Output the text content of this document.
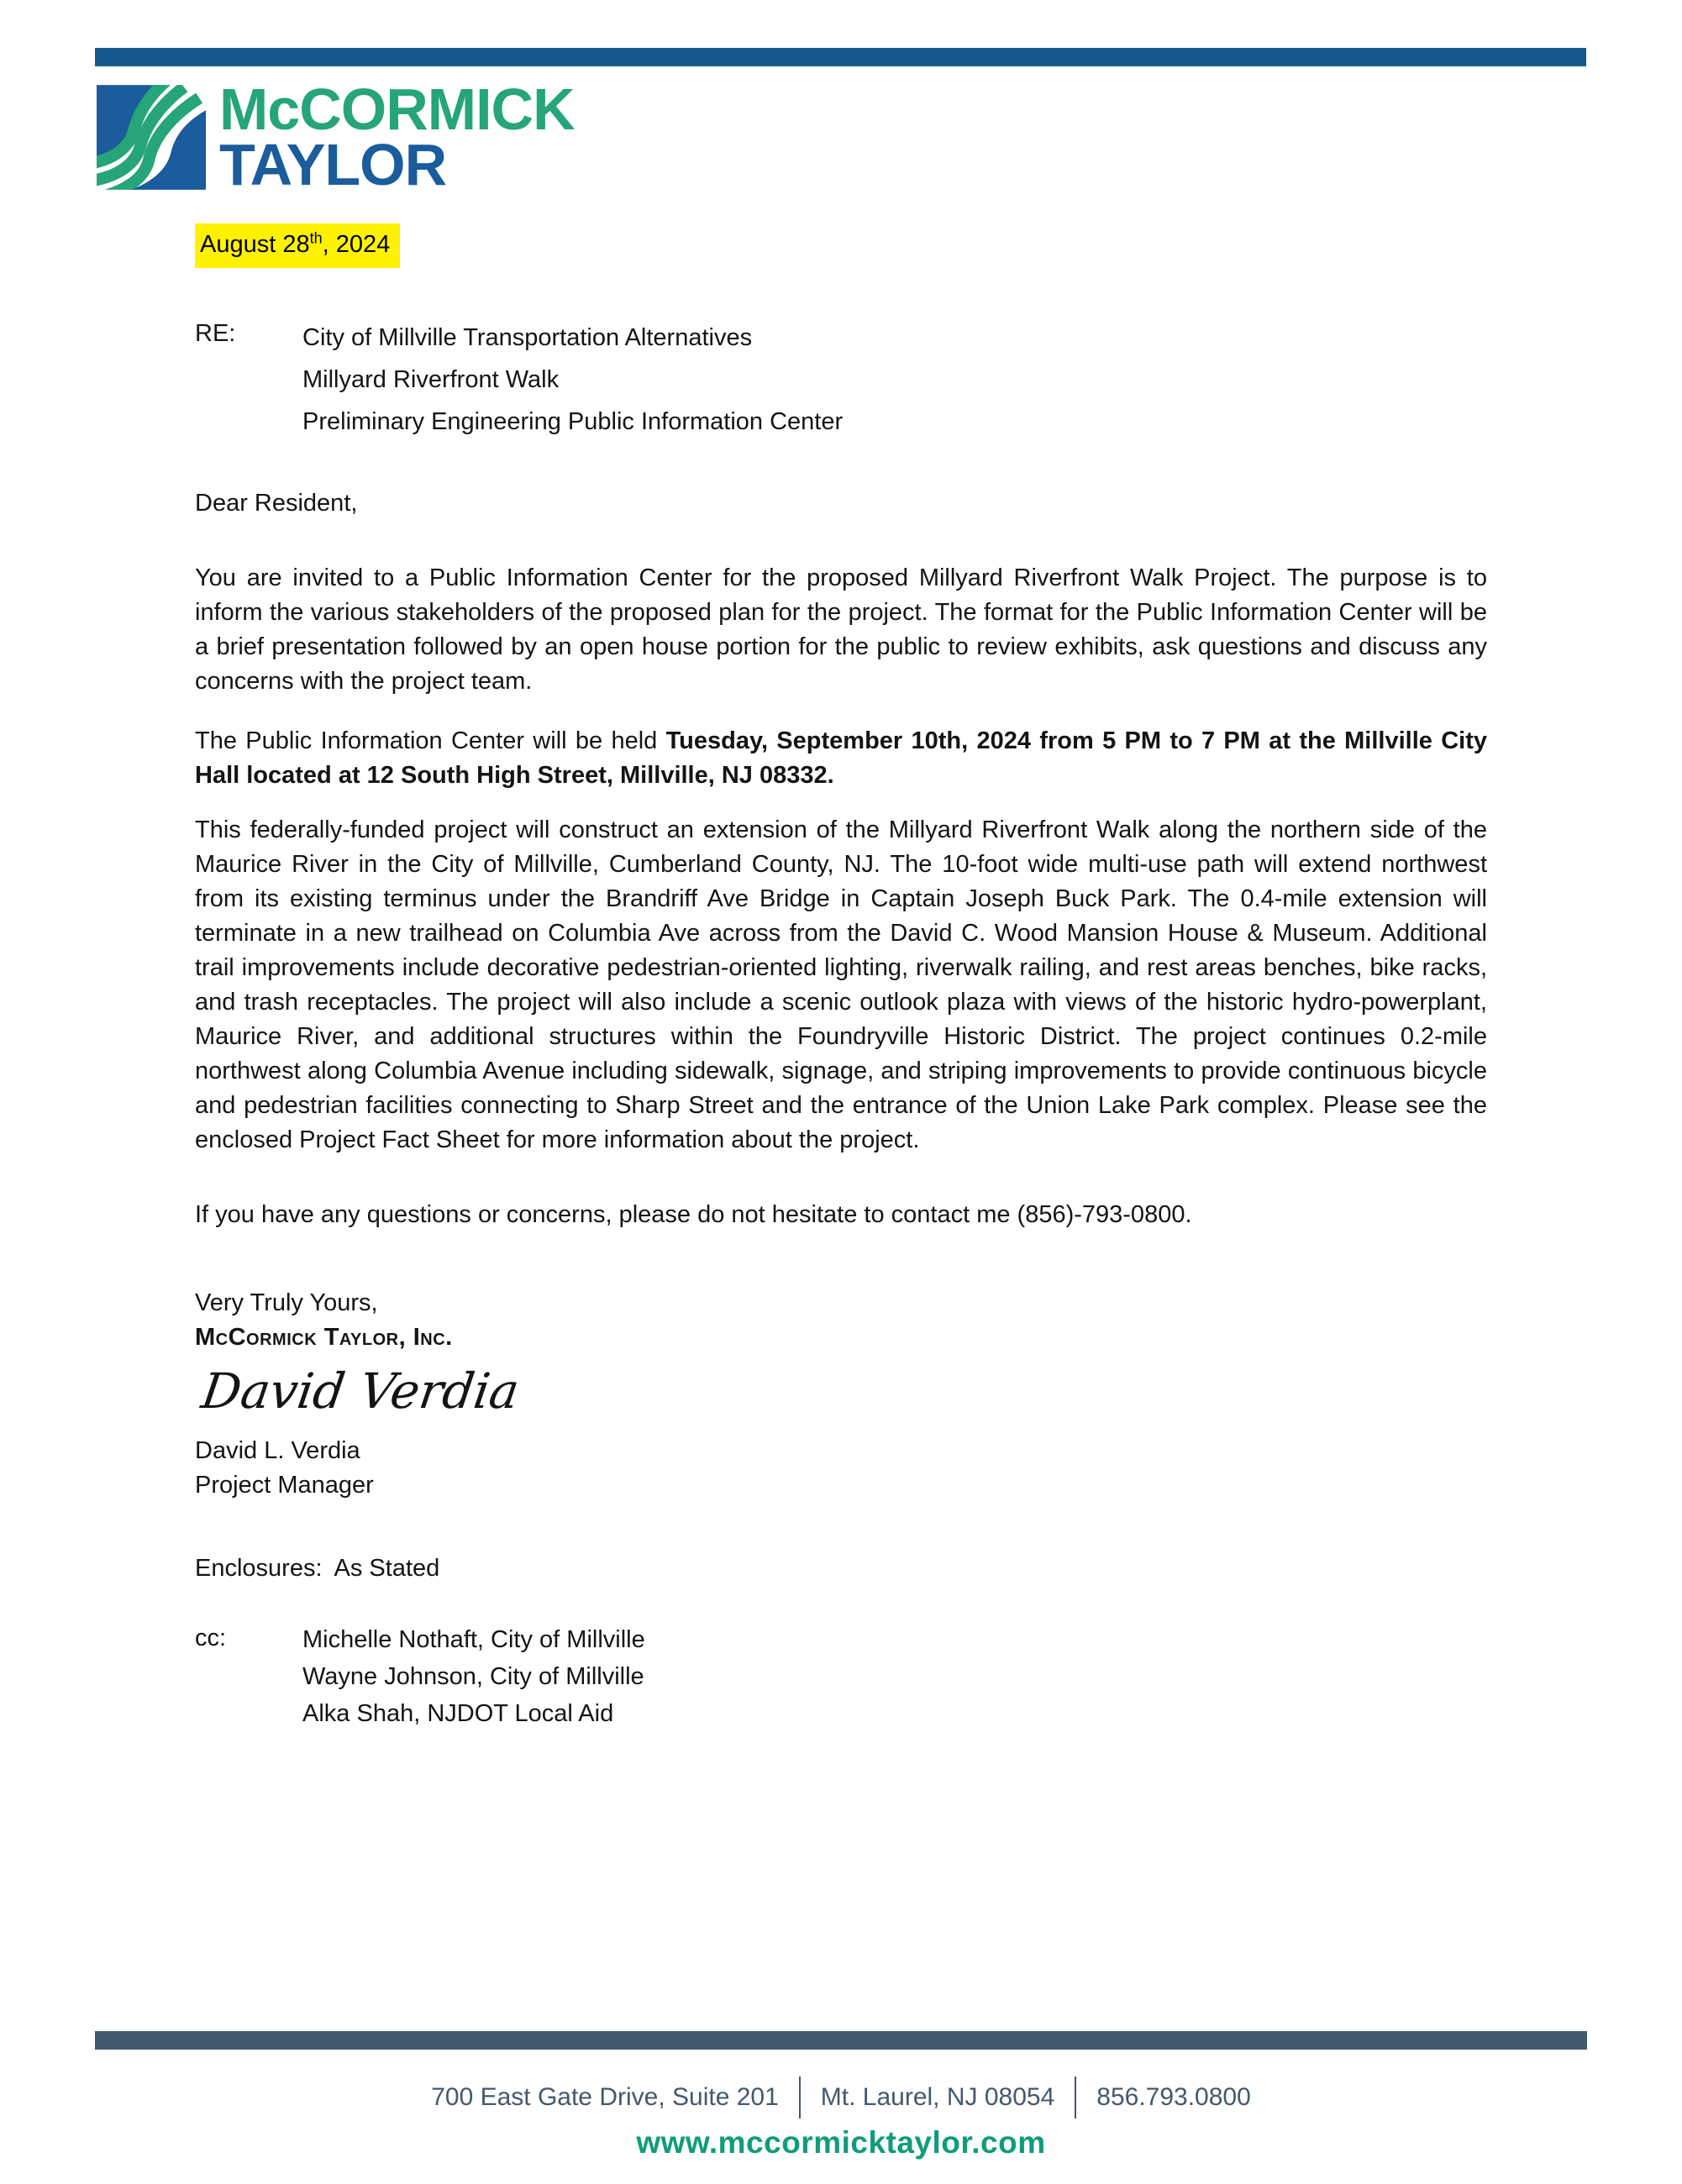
McCORMICK
TAYLOR

August 28th, 2024

RE:	City of Millville Transportation Alternatives
Millyard Riverfront Walk
Preliminary Engineering Public Information Center

Dear Resident,

You are invited to a Public Information Center for the proposed Millyard Riverfront Walk Project. The purpose is to inform the various stakeholders of the proposed plan for the project. The format for the Public Information Center will be a brief presentation followed by an open house portion for the public to review exhibits, ask questions and discuss any concerns with the project team.

The Public Information Center will be held Tuesday, September 10th, 2024 from 5 PM to 7 PM at the Millville City Hall located at 12 South High Street, Millville, NJ 08332.

This federally-funded project will construct an extension of the Millyard Riverfront Walk along the northern side of the Maurice River in the City of Millville, Cumberland County, NJ. The 10-foot wide multi-use path will extend northwest from its existing terminus under the Brandriff Ave Bridge in Captain Joseph Buck Park. The 0.4-mile extension will terminate in a new trailhead on Columbia Ave across from the David C. Wood Mansion House & Museum. Additional trail improvements include decorative pedestrian-oriented lighting, riverwalk railing, and rest areas benches, bike racks, and trash receptacles. The project will also include a scenic outlook plaza with views of the historic hydro-powerplant, Maurice River, and additional structures within the Foundryville Historic District. The project continues 0.2-mile northwest along Columbia Avenue including sidewalk, signage, and striping improvements to provide continuous bicycle and pedestrian facilities connecting to Sharp Street and the entrance of the Union Lake Park complex. Please see the enclosed Project Fact Sheet for more information about the project.

If you have any questions or concerns, please do not hesitate to contact me (856)-793-0800.

Very Truly Yours,

McCormick Taylor, Inc.

David Verdia

David L. Verdia

Project Manager

Enclosures: As Stated

cc:	Michelle Nothaft, City of Millville
Wayne Johnson, City of Millville
Alka Shah, NJDOT Local Aid
700 East Gate Drive, Suite 201 Mt. Laurel, NJ 08054 856.793.0800
www.mccormicktaylor.com
